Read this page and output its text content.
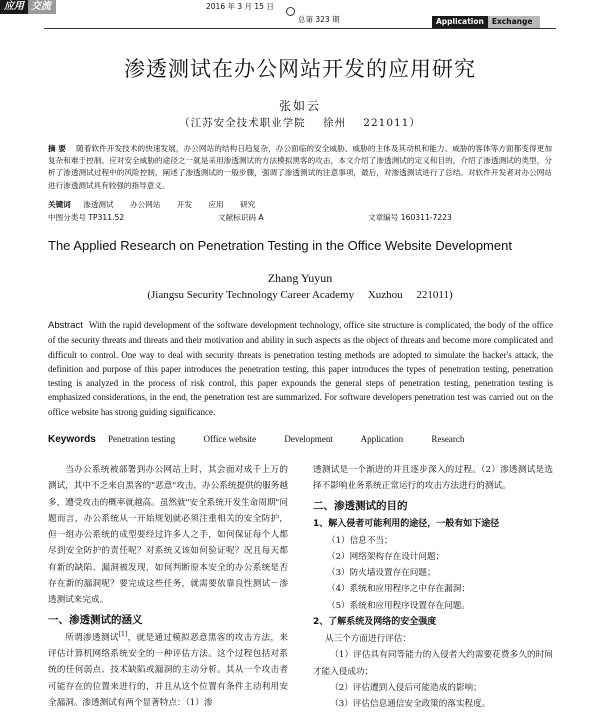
应用 交流	2016 年 3 月 15 日
总第 323 期	Application	Exchange
渗透测试在办公网站开发的应用研究
张如云
（江苏安全技术职业学院    徐州    221011）
摘 要 随着软件开发技术的快速发展，办公网站的结构日趋复杂，办公面临的安全威胁、威胁的主体及其动机和能力、威胁的客体等方面都变得更加复杂和难于控制。应对安全威胁的途径之一就是采用渗透测试的方法模拟黑客的攻击，本文介绍了渗透测试的定义和目的，介绍了渗透测试的类型，分析了渗透测试过程中的风险控制，阐述了渗透测试的一般步骤，强调了渗透测试的注意事项，最后，对渗透测试进行了总结。对软件开发者对办公网站进行渗透测试具有较强的指导意义。
关键词 渗透测试 办公网站 开发 应用 研究
中图分类号 TP311.52	文献标识码 A	文章编号 160311-7223
The Applied Research on Penetration Testing in the Office Website Development
Zhang Yuyun
(Jiangsu Security Technology Career Academy     Xuzhou     221011)
Abstract With the rapid development of the software development technology, office site structure is complicated, the body of the office of the security threats and threats and their motivation and ability in such aspects as the object of threats and become more complicated and difficult to control. One way to deal with security threats is penetration testing methods are adopted to simulate the hacker's attack, the definition and purpose of this paper introduces the penetration testing, this paper introduces the types of penetration testing, penetration testing is analyzed in the process of risk control, this paper expounds the general steps of penetration testing, penetration testing is emphasized considerations, in the end, the penetration test are summarized. For software developers penetration test was carried out on the office website has strong guiding significance.
Keywords Penetration testing	Office website	Development	Application	Research

当办公系统被部署到办公网站上时，其会面对成千上万的测试，其中不乏来自黑客的"恶意"攻击，办公系统提供的服务越多，遭受攻击的概率就越高。虽然就"安全系统开发生命周期"问题而言，办公系统从一开始规划就必须注重相关的安全防护，但一组办公系统的成型要经过许多人之手，如何保证每个人都尽到安全防护的责任呢？对系统又该如何验证呢？况且每天都有新的缺陷、漏洞被发现，如何判断原本安全的办公系统是否存在新的漏洞呢？要完成这些任务，就需要依靠良性测试－渗透测试来完成。

一、渗透测试的涵义

所谓渗透测试[1]，就是通过模拟恶意黑客的攻击方法，来评估计算机网络系统安全的一种评估方法。这个过程包括对系统的任何弱点、技术缺陷或漏洞的主动分析。其从一个攻击者可能存在的位置来进行的，并且从这个位置有条件主动利用安全漏洞。渗透测试有两个显著特点：（1）渗

透测试是一个渐进的并且逐步深入的过程。（2）渗透测试是选择不影响业务系统正常运行的攻击方法进行的测试。

二、渗透测试的目的
1、解入侵者可能利用的途径，一般有如下途径

（1）信息不当；

（2）网络架构存在设计问题；

（3）防火墙设置存在问题；

（4）系统和应用程序之中存在漏洞；

（5）系统和应用程序设置存在问题。

2、了解系统及网络的安全强度

从三个方面进行评估：

（1）评估具有同等能力的入侵者大约需要花费多久的时间才能入侵成功；

（2）评估遭到入侵后可能造成的影响；

（3）评估信息通信安全政策的落实程度。
